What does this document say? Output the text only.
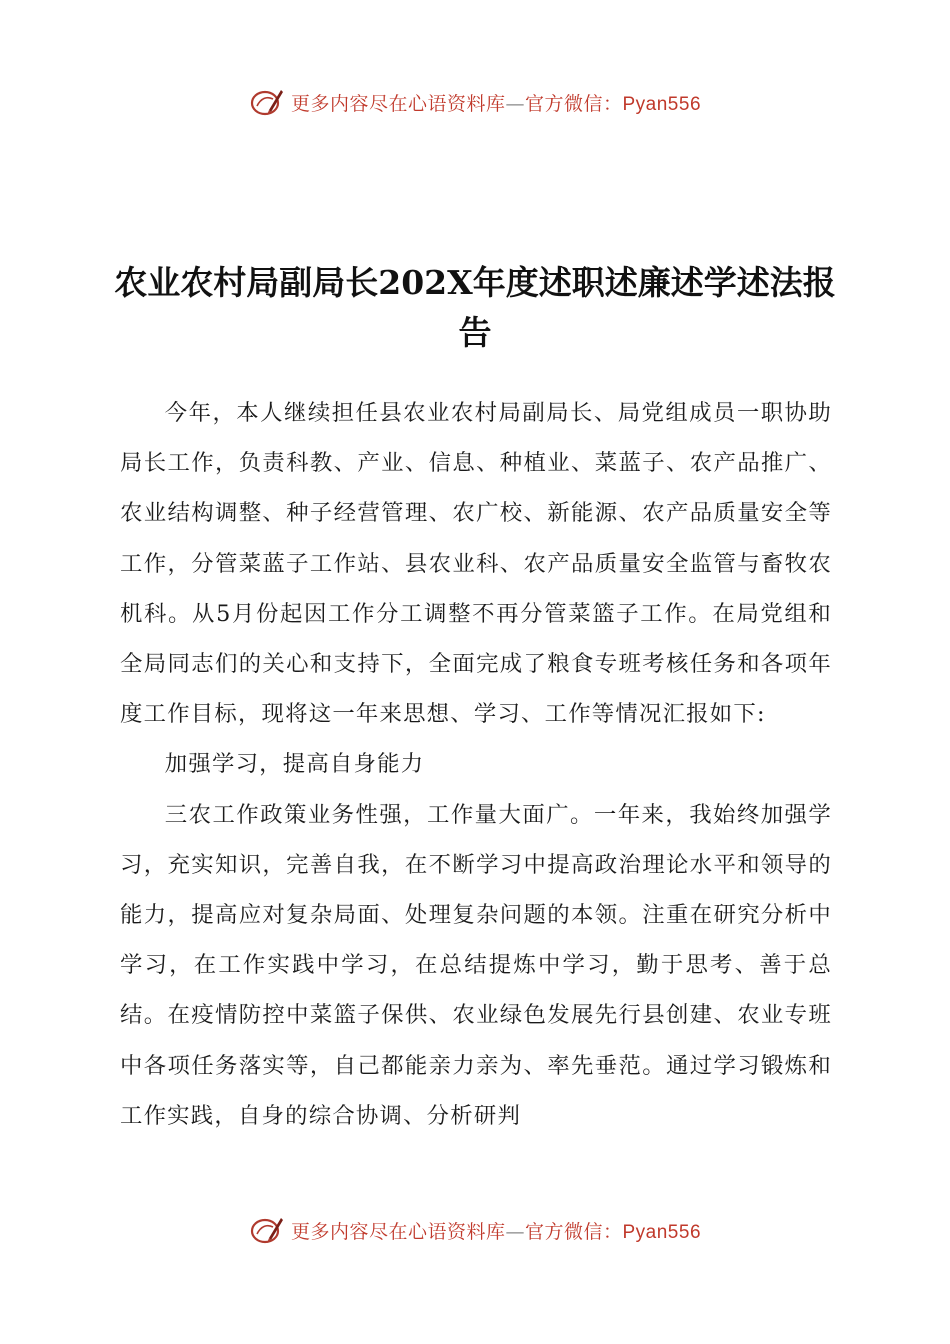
更多内容尽在心语资料库—官方微信：Pyan556
农业农村局副局长202X年度述职述廉述学述法报告

今年，本人继续担任县农业农村局副局长、局党组成员一职协助局长工作，负责科教、产业、信息、种植业、菜蓝子、农产品推广、农业结构调整、种子经营管理、农广校、新能源、农产品质量安全等工作，分管菜蓝子工作站、县农业科、农产品质量安全监管与畜牧农机科。从5月份起因工作分工调整不再分管菜篮子工作。在局党组和全局同志们的关心和支持下，全面完成了粮食专班考核任务和各项年度工作目标，现将这一年来思想、学习、工作等情况汇报如下:

加强学习，提高自身能力

三农工作政策业务性强，工作量大面广。一年来，我始终加强学习，充实知识，完善自我，在不断学习中提高政治理论水平和领导的能力，提高应对复杂局面、处理复杂问题的本领。注重在研究分析中学习，在工作实践中学习，在总结提炼中学习，勤于思考、善于总结。在疫情防控中菜篮子保供、农业绿色发展先行县创建、农业专班中各项任务落实等，自己都能亲力亲为、率先垂范。通过学习锻炼和工作实践，自身的综合协调、分析研判

更多内容尽在心语资料库—官方微信：Pyan556
